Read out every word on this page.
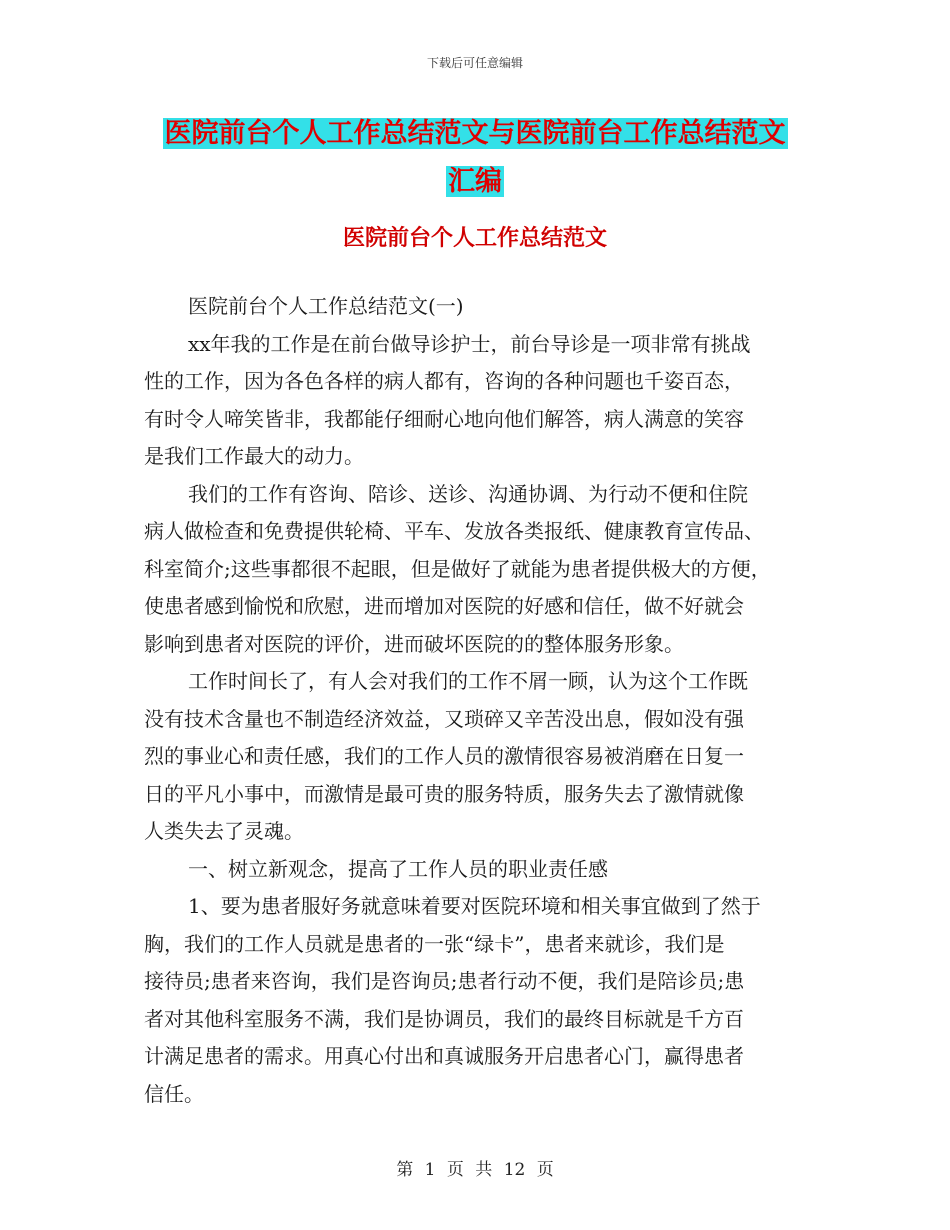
下载后可任意编辑
医院前台个人工作总结范文与医院前台工作总结范文
汇编
医院前台个人工作总结范文

医院前台个人工作总结范文(一)

xx年我的工作是在前台做导诊护士，前台导诊是一项非常有挑战
性的工作，因为各色各样的病人都有，咨询的各种问题也千姿百态，
有时令人啼笑皆非，我都能仔细耐心地向他们解答，病人满意的笑容
是我们工作最大的动力。

我们的工作有咨询、陪诊、送诊、沟通协调、为行动不便和住院
病人做检查和免费提供轮椅、平车、发放各类报纸、健康教育宣传品、
科室简介;这些事都很不起眼，但是做好了就能为患者提供极大的方便，
使患者感到愉悦和欣慰，进而增加对医院的好感和信任，做不好就会
影响到患者对医院的评价，进而破坏医院的的整体服务形象。

工作时间长了，有人会对我们的工作不屑一顾，认为这个工作既
没有技术含量也不制造经济效益，又琐碎又辛苦没出息，假如没有强
烈的事业心和责任感，我们的工作人员的激情很容易被消磨在日复一
日的平凡小事中，而激情是最可贵的服务特质，服务失去了激情就像
人类失去了灵魂。

一、树立新观念，提高了工作人员的职业责任感

1、要为患者服好务就意味着要对医院环境和相关事宜做到了然于
胸，我们的工作人员就是患者的一张“绿卡”，患者来就诊，我们是
接待员;患者来咨询，我们是咨询员;患者行动不便，我们是陪诊员;患
者对其他科室服务不满，我们是协调员，我们的最终目标就是千方百
计满足患者的需求。用真心付出和真诚服务开启患者心门，赢得患者
信任。

第 1 页 共 12 页
